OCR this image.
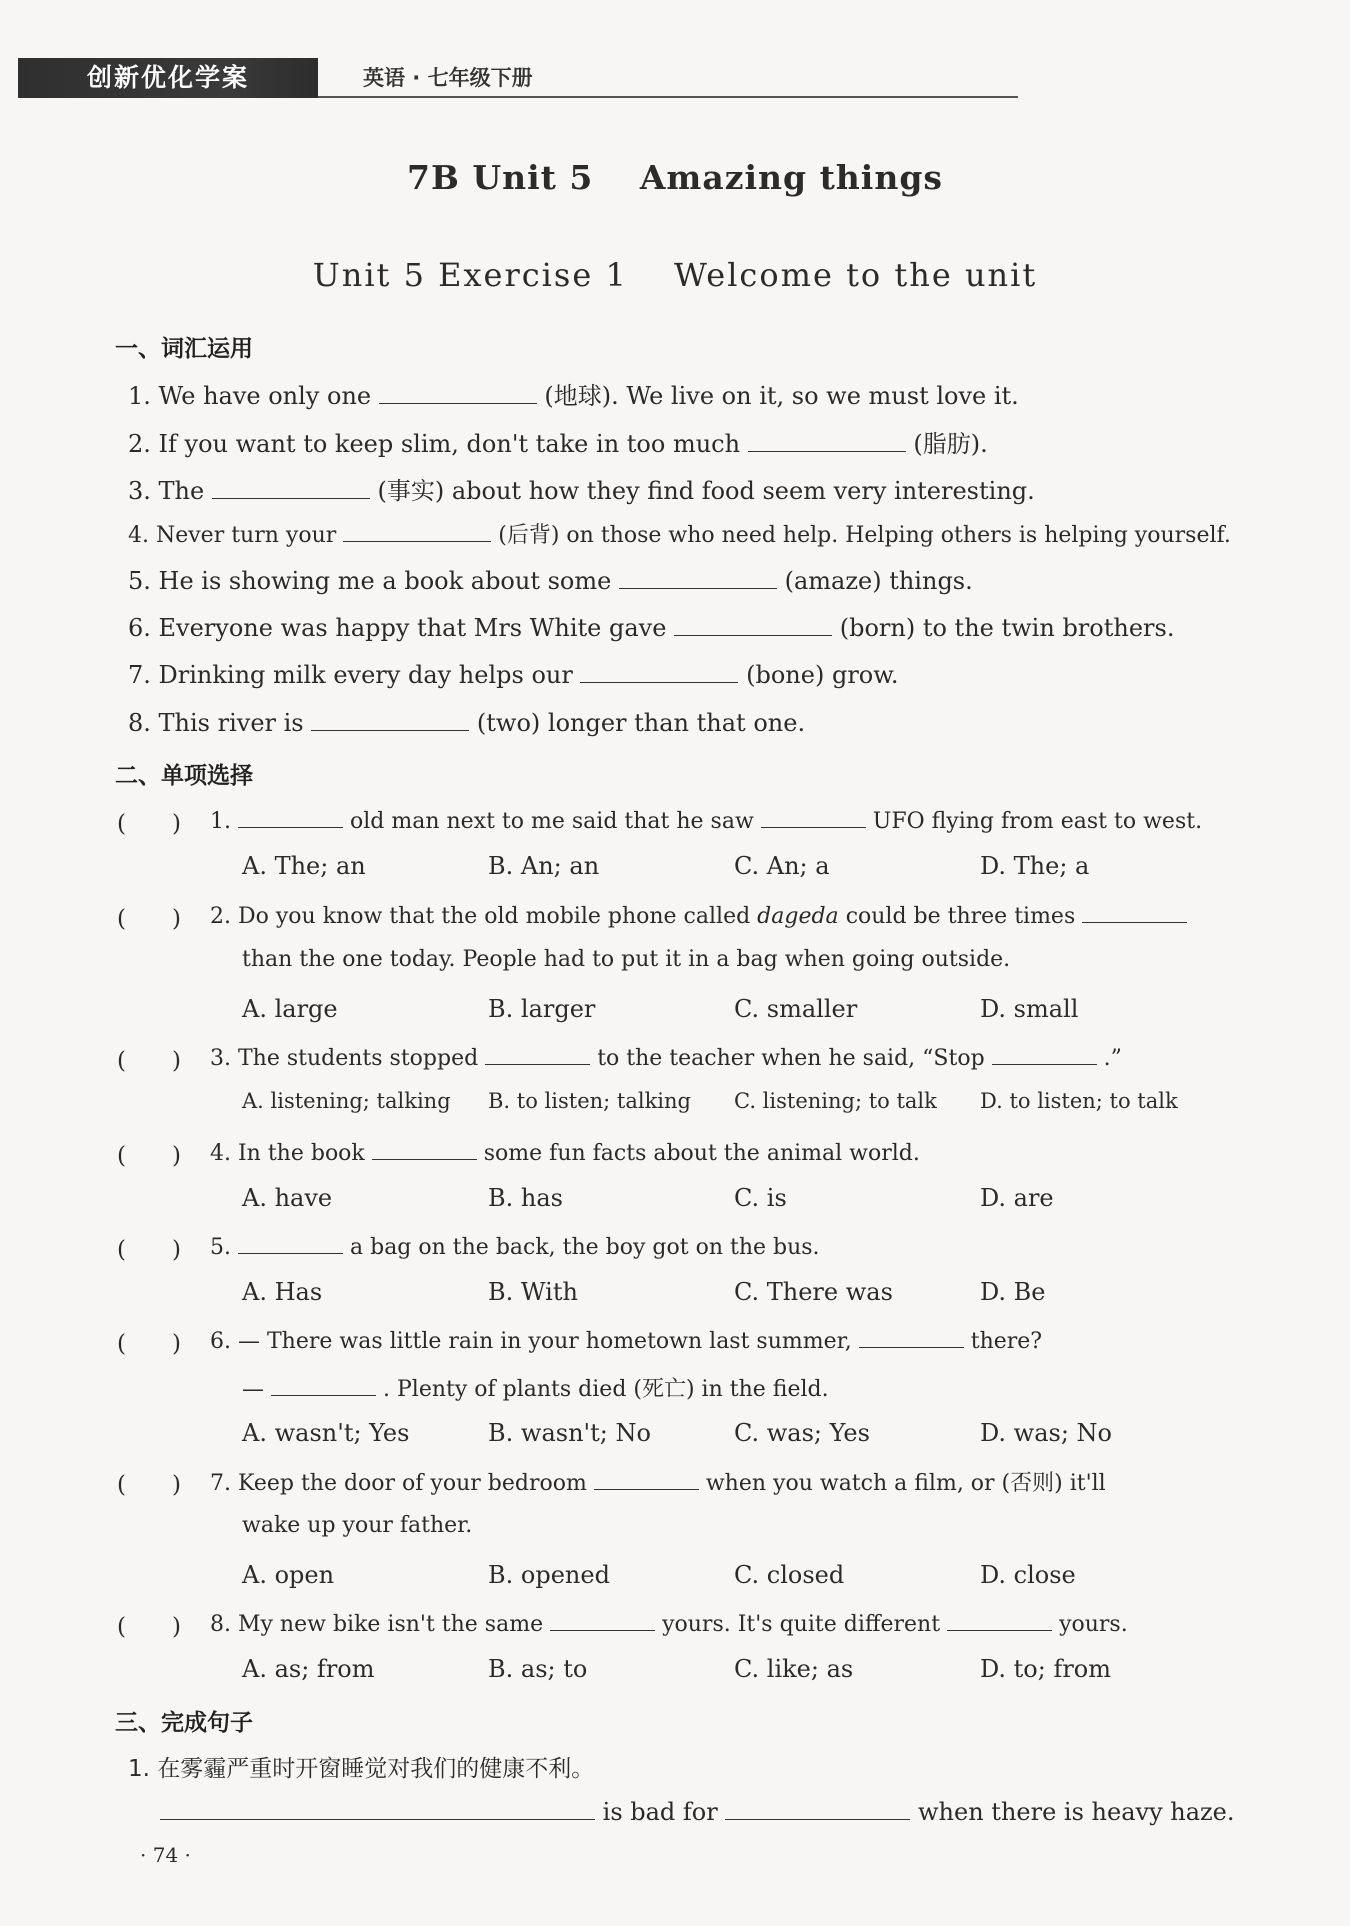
创新优化学案	英语 · 七年级下册
7B Unit 5　 Amazing things
Unit 5 Exercise 1　 Welcome to the unit
一、词汇运用
1. We have only one	(地球). We live on it, so we must love it.
2. If you want to keep slim, don't take in too much	(脂肪).
3. The	(事实) about how they find food seem very interesting.
4. Never turn your	(后背) on those who need help. Helping others is helping yourself.
5. He is showing me a book about some	(amaze) things.
6. Everyone was happy that Mrs White gave	(born) to the twin brothers.
7. Drinking milk every day helps our	(bone) grow.
8. This river is	(two) longer than that one.
二、单项选择
(　　) 1.	old man next to me said that he saw	UFO flying from east to west.
A. The; an	B. An; an	C. An; a	D. The; a
(　　) 2. Do you know that the old mobile phone called dageda could be three times
than the one today. People had to put it in a bag when going outside.
A. large	B. larger	C. smaller	D. small
(　　) 3. The students stopped	to the teacher when he said, “Stop	.”
A. listening; talking B. to listen; talking C. listening; to talk D. to listen; to talk
(　　) 4. In the book	some fun facts about the animal world.
A. have	B. has	C. is	D. are
(　　) 5.	a bag on the back, the boy got on the bus.
A. Has	B. With	C. There was	D. Be
(　　) 6. — There was little rain in your hometown last summer,	there?
—	. Plenty of plants died (死亡) in the field.
A. wasn't; Yes	B. wasn't; No	C. was; Yes	D. was; No
(　　) 7. Keep the door of your bedroom	when you watch a film, or (否则) it'll
wake up your father.
A. open	B. opened	C. closed	D. close
(　　) 8. My new bike isn't the same	yours. It's quite different	yours.
A. as; from	B. as; to	C. like; as	D. to; from
三、完成句子
1. 在雾霾严重时开窗睡觉对我们的健康不利。
is bad for	when there is heavy haze.
· 74 ·
